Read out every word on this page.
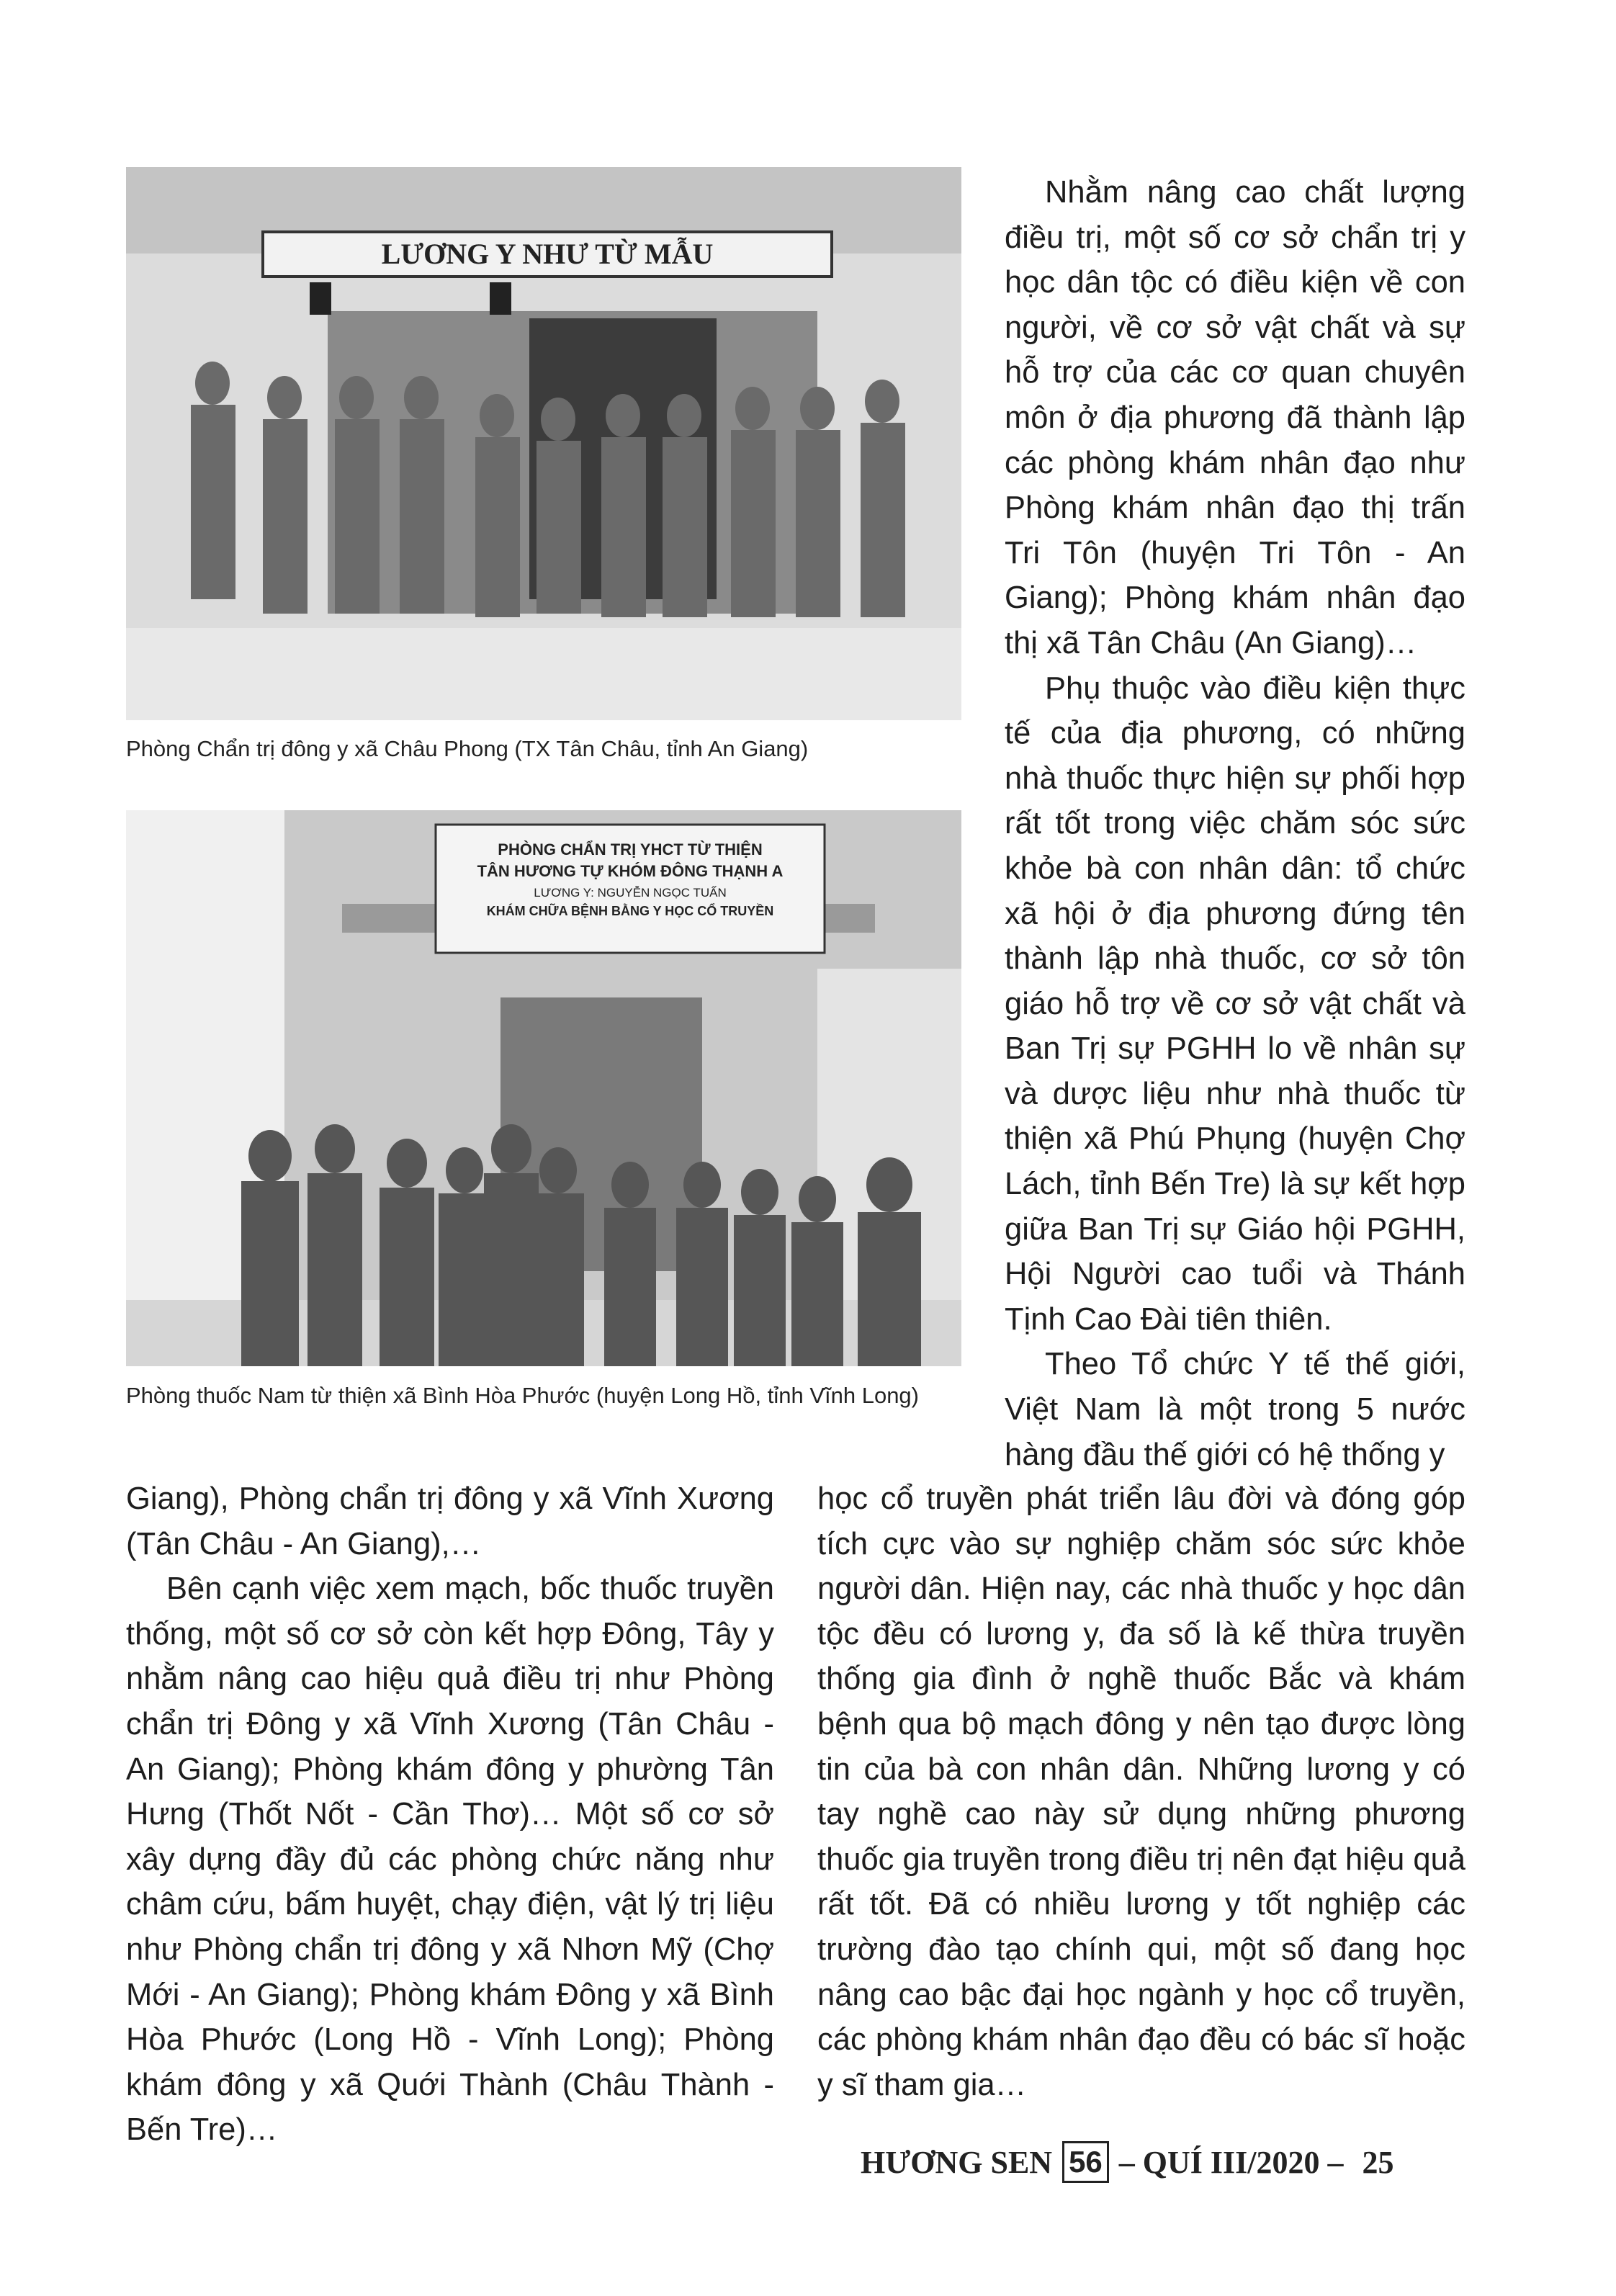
LƯƠNG Y NHƯ TỪ MẪU
Phòng Chẩn trị đông y xã Châu Phong (TX Tân Châu, tỉnh An Giang)
PHÒNG CHẨN TRỊ YHCT TỪ THIỆN
TÂN HƯƠNG TỰ KHÓM ĐÔNG THẠNH A
LƯƠNG Y: NGUYỄN NGỌC TUẤN
KHÁM CHỮA BỆNH BẰNG Y HỌC CỔ TRUYỀN
Phòng thuốc Nam từ thiện xã Bình Hòa Phước (huyện Long Hồ, tỉnh Vĩnh Long)

Nhằm nâng cao chất lượng điều trị, một số cơ sở chẩn trị y học dân tộc có điều kiện về con người, về cơ sở vật chất và sự hỗ trợ của các cơ quan chuyên môn ở địa phương đã thành lập các phòng khám nhân đạo như Phòng khám nhân đạo thị trấn Tri Tôn (huyện Tri Tôn - An Giang); Phòng khám nhân đạo thị xã Tân Châu (An Giang)…

Phụ thuộc vào điều kiện thực tế của địa phương, có những nhà thuốc thực hiện sự phối hợp rất tốt trong việc chăm sóc sức khỏe bà con nhân dân: tổ chức xã hội ở địa phương đứng tên thành lập nhà thuốc, cơ sở tôn giáo hỗ trợ về cơ sở vật chất và Ban Trị sự PGHH lo về nhân sự và dược liệu như nhà thuốc từ thiện xã Phú Phụng (huyện Chợ Lách, tỉnh Bến Tre) là sự kết hợp giữa Ban Trị sự Giáo hội PGHH, Hội Người cao tuổi và Thánh Tịnh Cao Đài tiên thiên.

Theo Tổ chức Y tế thế giới, Việt Nam là một trong 5 nước hàng đầu thế giới có hệ thống y

học cổ truyền phát triển lâu đời và đóng góp tích cực vào sự nghiệp chăm sóc sức khỏe người dân. Hiện nay, các nhà thuốc y học dân tộc đều có lương y, đa số là kế thừa truyền thống gia đình ở nghề thuốc Bắc và khám bệnh qua bộ mạch đông y nên tạo được lòng tin của bà con nhân dân. Những lương y có tay nghề cao này sử dụng những phương thuốc gia truyền trong điều trị nên đạt hiệu quả rất tốt. Đã có nhiều lương y tốt nghiệp các trường đào tạo chính qui, một số đang học nâng cao bậc đại học ngành y học cổ truyền, các phòng khám nhân đạo đều có bác sĩ hoặc y sĩ tham gia…

Giang), Phòng chẩn trị đông y xã Vĩnh Xương (Tân Châu - An Giang),…

Bên cạnh việc xem mạch, bốc thuốc truyền thống, một số cơ sở còn kết hợp Đông, Tây y nhằm nâng cao hiệu quả điều trị như Phòng chẩn trị Đông y xã Vĩnh Xương (Tân Châu - An Giang); Phòng khám đông y phường Tân Hưng (Thốt Nốt - Cần Thơ)… Một số cơ sở xây dựng đầy đủ các phòng chức năng như châm cứu, bấm huyệt, chạy điện, vật lý trị liệu như Phòng chẩn trị đông y xã Nhơn Mỹ (Chợ Mới - An Giang); Phòng khám Đông y xã Bình Hòa Phước (Long Hồ - Vĩnh Long); Phòng khám đông y xã Quới Thành (Châu Thành - Bến Tre)…

HƯƠNG SEN 56 – QUÍ III/2020 – 25
